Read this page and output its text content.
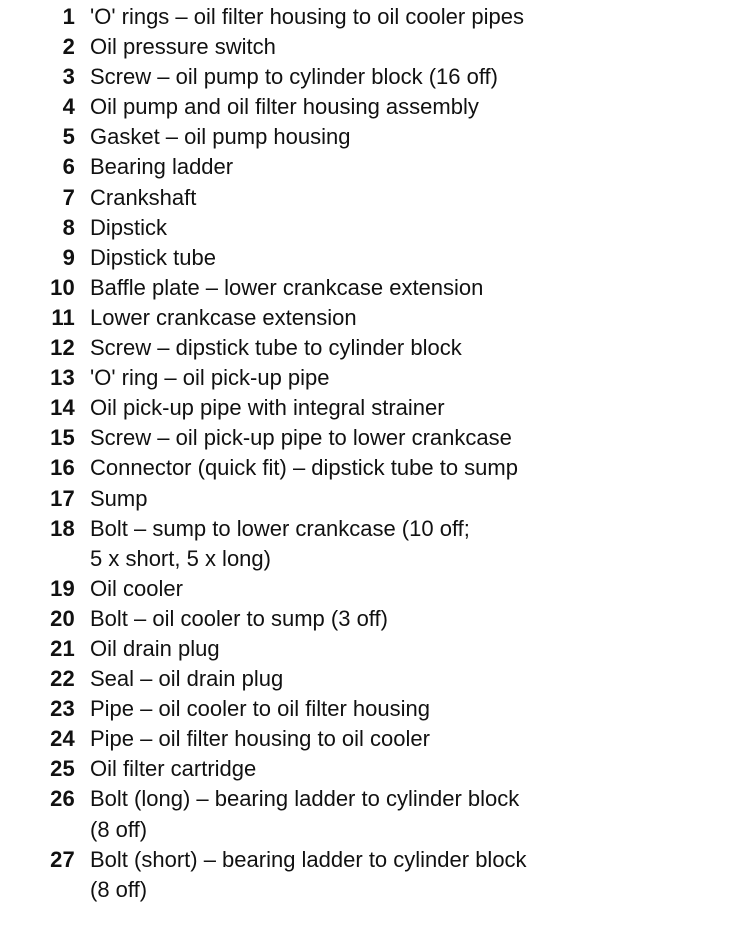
1 'O' rings – oil filter housing to oil cooler pipes
2 Oil pressure switch
3 Screw – oil pump to cylinder block (16 off)
4 Oil pump and oil filter housing assembly
5 Gasket – oil pump housing
6 Bearing ladder
7 Crankshaft
8 Dipstick
9 Dipstick tube
10 Baffle plate – lower crankcase extension
11 Lower crankcase extension
12 Screw – dipstick tube to cylinder block
13 'O' ring – oil pick-up pipe
14 Oil pick-up pipe with integral strainer
15 Screw – oil pick-up pipe to lower crankcase
16 Connector (quick fit) – dipstick tube to sump
17 Sump
18 Bolt – sump to lower crankcase (10 off;
5 x short, 5 x long)
19 Oil cooler
20 Bolt – oil cooler to sump (3 off)
21 Oil drain plug
22 Seal – oil drain plug
23 Pipe – oil cooler to oil filter housing
24 Pipe – oil filter housing to oil cooler
25 Oil filter cartridge
26 Bolt (long) – bearing ladder to cylinder block
(8 off)
27 Bolt (short) – bearing ladder to cylinder block
(8 off)
